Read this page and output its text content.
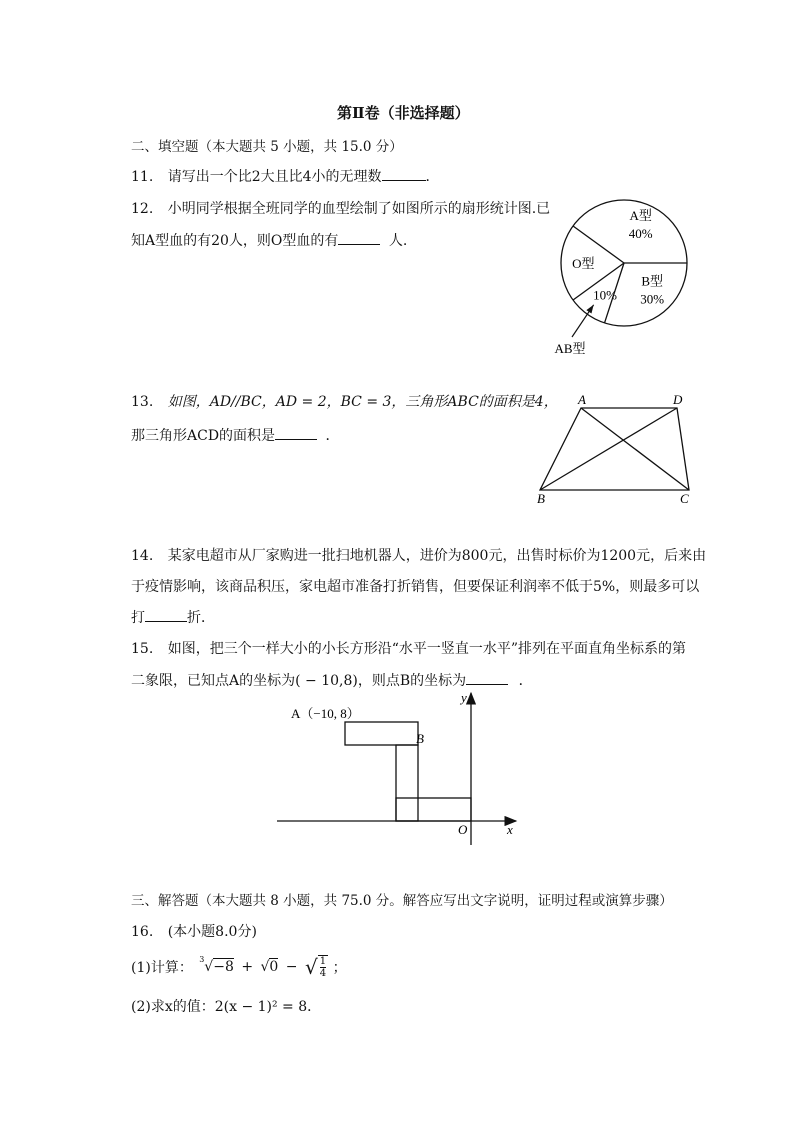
第Ⅱ卷（非选择题）
二、填空题（本大题共 5 小题，共 15.0 分）
11. 请写出一个比2大且比4小的无理数	．
12. 小明同学根据全班同学的血型绘制了如图所示的扇形统计图.已
知A型血的有20人，则O型血的有	人.
A型
40%
B型
30%
O型
10%
AB型
13. 如图，AD//BC，AD = 2，BC = 3，三角形ABC的面积是4，
那三角形ACD的面积是	．
A	D
B	C
14. 某家电超市从厂家购进一批扫地机器人，进价为800元，出售时标价为1200元，后来由
于疫情影响，该商品积压，家电超市准备打折销售，但要保证利润率不低于5%，则最多可以
打	折．
15. 如图，把三个一样大小的小长方形沿“水平一竖直一水平”排列在平面直角坐标系的第
二象限，已知点A的坐标为( − 10,8)，则点B的坐标为	．
A（−10, 8）
B
O	x
y
三、解答题（本大题共 8 小题，共 75.0 分。解答应写出文字说明，证明过程或演算步骤）
16. (本小题8.0分)
(1)计算：
3 √−8 + √0 − √ $\frac{1}{4}$ ；
(2)求x的值：2(x − 1)² = 8．
